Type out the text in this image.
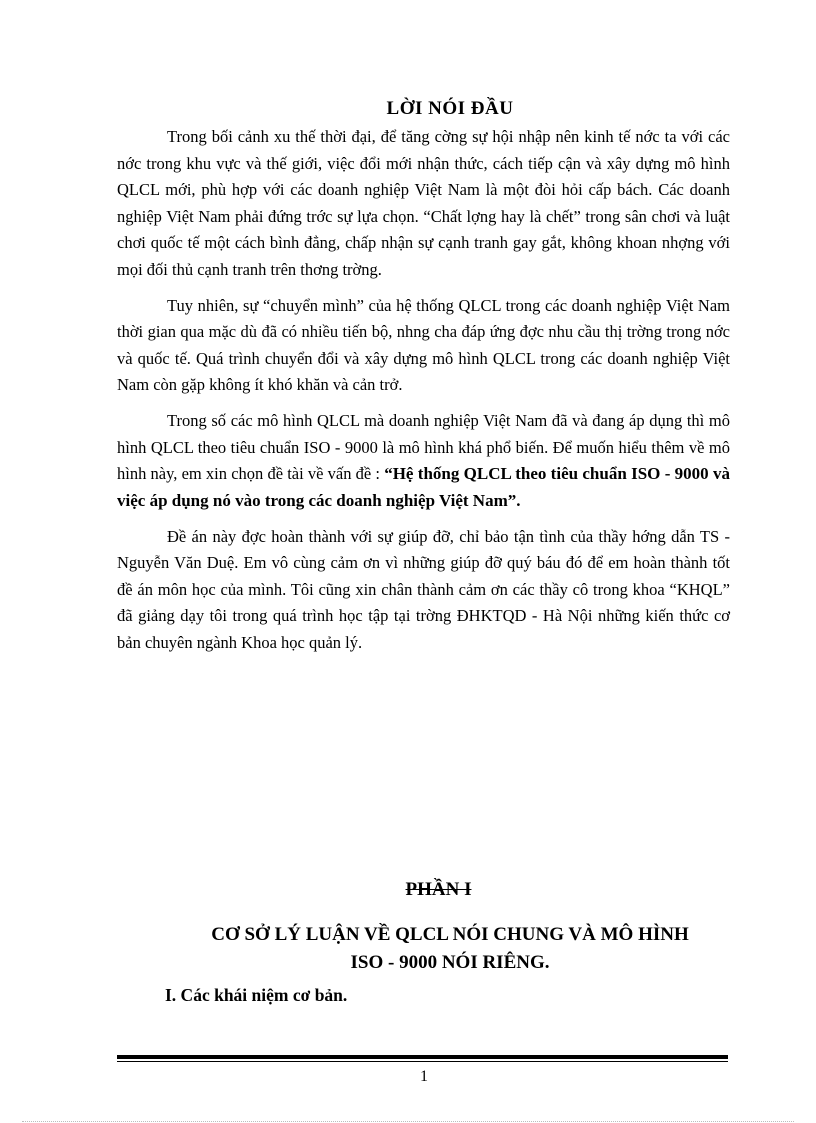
LỜI NÓI ĐẦU

Trong bối cảnh xu thế thời đại, để tăng cờng sự hội nhập nên kinh tế nớc ta với các nớc trong khu vực và thế giới, việc đổi mới nhận thức, cách tiếp cận và xây dựng mô hình QLCL mới, phù hợp với các doanh nghiệp Việt Nam là một đòi hỏi cấp bách. Các doanh nghiệp Việt Nam phải đứng trớc sự lựa chọn. “Chất lợng hay là chết” trong sân chơi và luật chơi quốc tế một cách bình đẳng, chấp nhận sự cạnh tranh gay gắt, không khoan nhợng với mọi đối thủ cạnh tranh trên thơng trờng.

Tuy nhiên, sự “chuyển mình” của hệ thống QLCL trong các doanh nghiệp Việt Nam thời gian qua mặc dù đã có nhiều tiến bộ, nhng cha đáp ứng đợc nhu cầu thị trờng trong nớc và quốc tế. Quá trình chuyển đổi và xây dựng mô hình QLCL trong các doanh nghiệp Việt Nam còn gặp không ít khó khăn và cản trở.

Trong số các mô hình QLCL mà doanh nghiệp Việt Nam đã và đang áp dụng thì mô hình QLCL theo tiêu chuẩn ISO - 9000 là mô hình khá phổ biến. Để muốn hiểu thêm về mô hình này, em xin chọn đề tài về vấn đề : “Hệ thống QLCL theo tiêu chuẩn ISO - 9000 và việc áp dụng nó vào trong các doanh nghiệp Việt Nam”.

Đề án này đợc hoàn thành với sự giúp đỡ, chỉ bảo tận tình của thầy hớng dẫn TS - Nguyễn Văn Duệ. Em vô cùng cảm ơn vì những giúp đỡ quý báu đó để em hoàn thành tốt đề án môn học của mình. Tôi cũng xin chân thành cảm ơn các thầy cô trong khoa “KHQL” đã giảng dạy tôi trong quá trình học tập tại trờng ĐHKTQD - Hà Nội những kiến thức cơ bản chuyên ngành Khoa học quản lý.

PHẦN I
CƠ SỞ LÝ LUẬN VỀ QLCL NÓI CHUNG VÀ MÔ HÌNH
ISO - 9000 NÓI RIÊNG.
I. Các khái niệm cơ bản.
1
